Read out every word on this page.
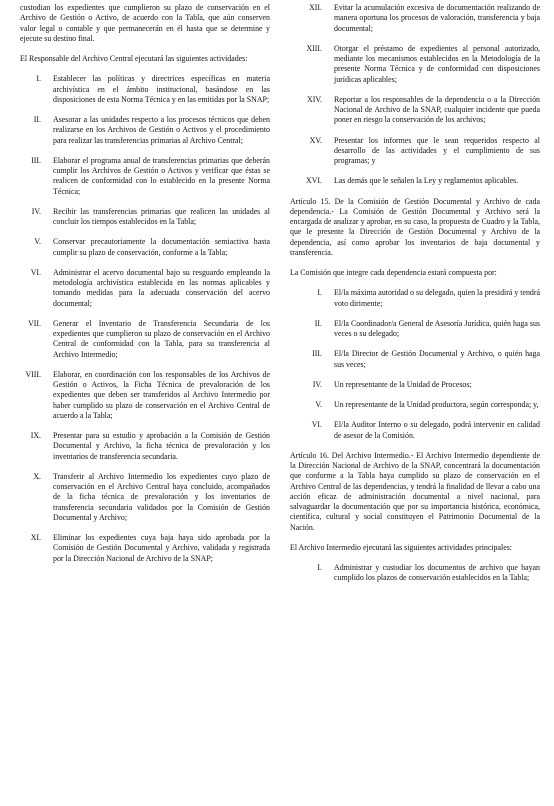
custodian los expedientes que cumplieron su plazo de conservación en el Archivo de Gestión o Activo, de acuerdo con la Tabla, que aún conserven valor legal o contable y que permanecerán en él hasta que se determine y ejecute su destino final.

El Responsable del Archivo Central ejecutará las siguientes actividades:

I.	Establecer las políticas y directrices específicas en materia archivística en el ámbito institucional, basándose en las disposiciones de esta Norma Técnica y en las emitidas por la SNAP;
II.	Asesorar a las unidades respecto a los procesos técnicos que deben realizarse en los Archivos de Gestión o Activos y el procedimiento para realizar las transferencias primarias al Archivo Central;
III.	Elaborar el programa anual de transferencias primarias que deberán cumplir los Archivos de Gestión o Activos y verificar que éstas se realicen de conformidad con lo establecido en la presente Norma Técnica;
IV.	Recibir las transferencias primarias que realicen las unidades al concluir los tiempos establecidos en la Tabla;
V.	Conservar precautoriamente la documentación semiactiva hasta cumplir su plazo de conservación, conforme a la Tabla;
VI.	Administrar el acervo documental bajo su resguardo empleando la metodología archivística establecida en las normas aplicables y tomando medidas para la adecuada conservación del acervo documental;
VII.	Generar el Inventario de Transferencia Secundaria de los expedientes que cumplieron su plazo de conservación en el Archivo Central de conformidad con la Tabla, para su transferencia al Archivo Intermedio;
VIII.	Elaborar, en coordinación con los responsables de los Archivos de Gestión o Activos, la Ficha Técnica de prevaloración de los expedientes que deben ser transferidos al Archivo Intermedio por haber cumplido su plazo de conservación en el Archivo Central de acuerdo a la Tabla;
IX.	Presentar para su estudio y aprobación a la Comisión de Gestión Documental y Archivo, la ficha técnica de prevaloración y los inventarios de transferencia secundaria.
X.	Transferir al Archivo Intermedio los expedientes cuyo plazo de conservación en el Archivo Central haya concluido, acompañados de la ficha técnica de prevaloración y los inventarios de transferencia secundaria validados por la Comisión de Gestión Documental y Archivo;
XI.	Eliminar los expedientes cuya baja haya sido aprobada por la Comisión de Gestión Documental y Archivo, validada y registrada por la Dirección Nacional de Archivo de la SNAP;
XII.	Evitar la acumulación excesiva de documentación realizando de manera oportuna los procesos de valoración, transferencia y baja documental;
XIII.	Otorgar el préstamo de expedientes al personal autorizado, mediante los mecanismos establecidos en la Metodología de la presente Norma Técnica y de conformidad con disposiciones jurídicas aplicables;
XIV.	Reportar a los responsables de la dependencia o a la Dirección Nacional de Archivo de la SNAP, cualquier incidente que pueda poner en riesgo la conservación de los archivos;
XV.	Presentar los informes que le sean requeridos respecto al desarrollo de las actividades y el cumplimiento de sus programas; y
XVI.	Las demás que le señalen la Ley y reglamentos aplicables.

Artículo 15. De la Comisión de Gestión Documental y Archivo de cada dependencia.- La Comisión de Gestión Documental y Archivo será la encargada de analizar y aprobar, en su caso, la propuesta de Cuadro y la Tabla, que le presente la Dirección de Gestión Documental y Archivo de la dependencia, así como aprobar los inventarios de baja documental y transferencia.

La Comisión que integre cada dependencia estará compuesta por:

I.	El/la máxima autoridad o su delegado, quien la presidirá y tendrá voto dirimente;
II.	El/la Coordinador/a General de Asesoría Jurídica, quién haga sus veces o su delegado;
III.	El/la Director de Gestión Documental y Archivo, o quién haga sus veces;
IV.	Un representante de la Unidad de Procesos;
V.	Un representante de la Unidad productora, según corresponda; y,
VI.	El/la Auditor Interno o su delegado, podrá intervenir en calidad de asesor de la Comisión.

Artículo 16. Del Archivo Intermedio.- El Archivo Intermedio dependiente de la Dirección Nacional de Archivo de la SNAP, concentrará la documentación que conforme a la Tabla haya cumplido su plazo de conservación en el Archivo Central de las dependencias, y tendrá la finalidad de llevar a cabo una acción eficaz de administración documental a nivel nacional, para salvaguardar la documentación que por su importancia histórica, económica, científica, cultural y social constituyen el Patrimonio Documental de la Nación.

El Archivo Intermedio ejecutará las siguientes actividades principales:

I.	Administrar y custodiar los documentos de archivo que hayan cumplido los plazos de conservación establecidos en la Tabla;
